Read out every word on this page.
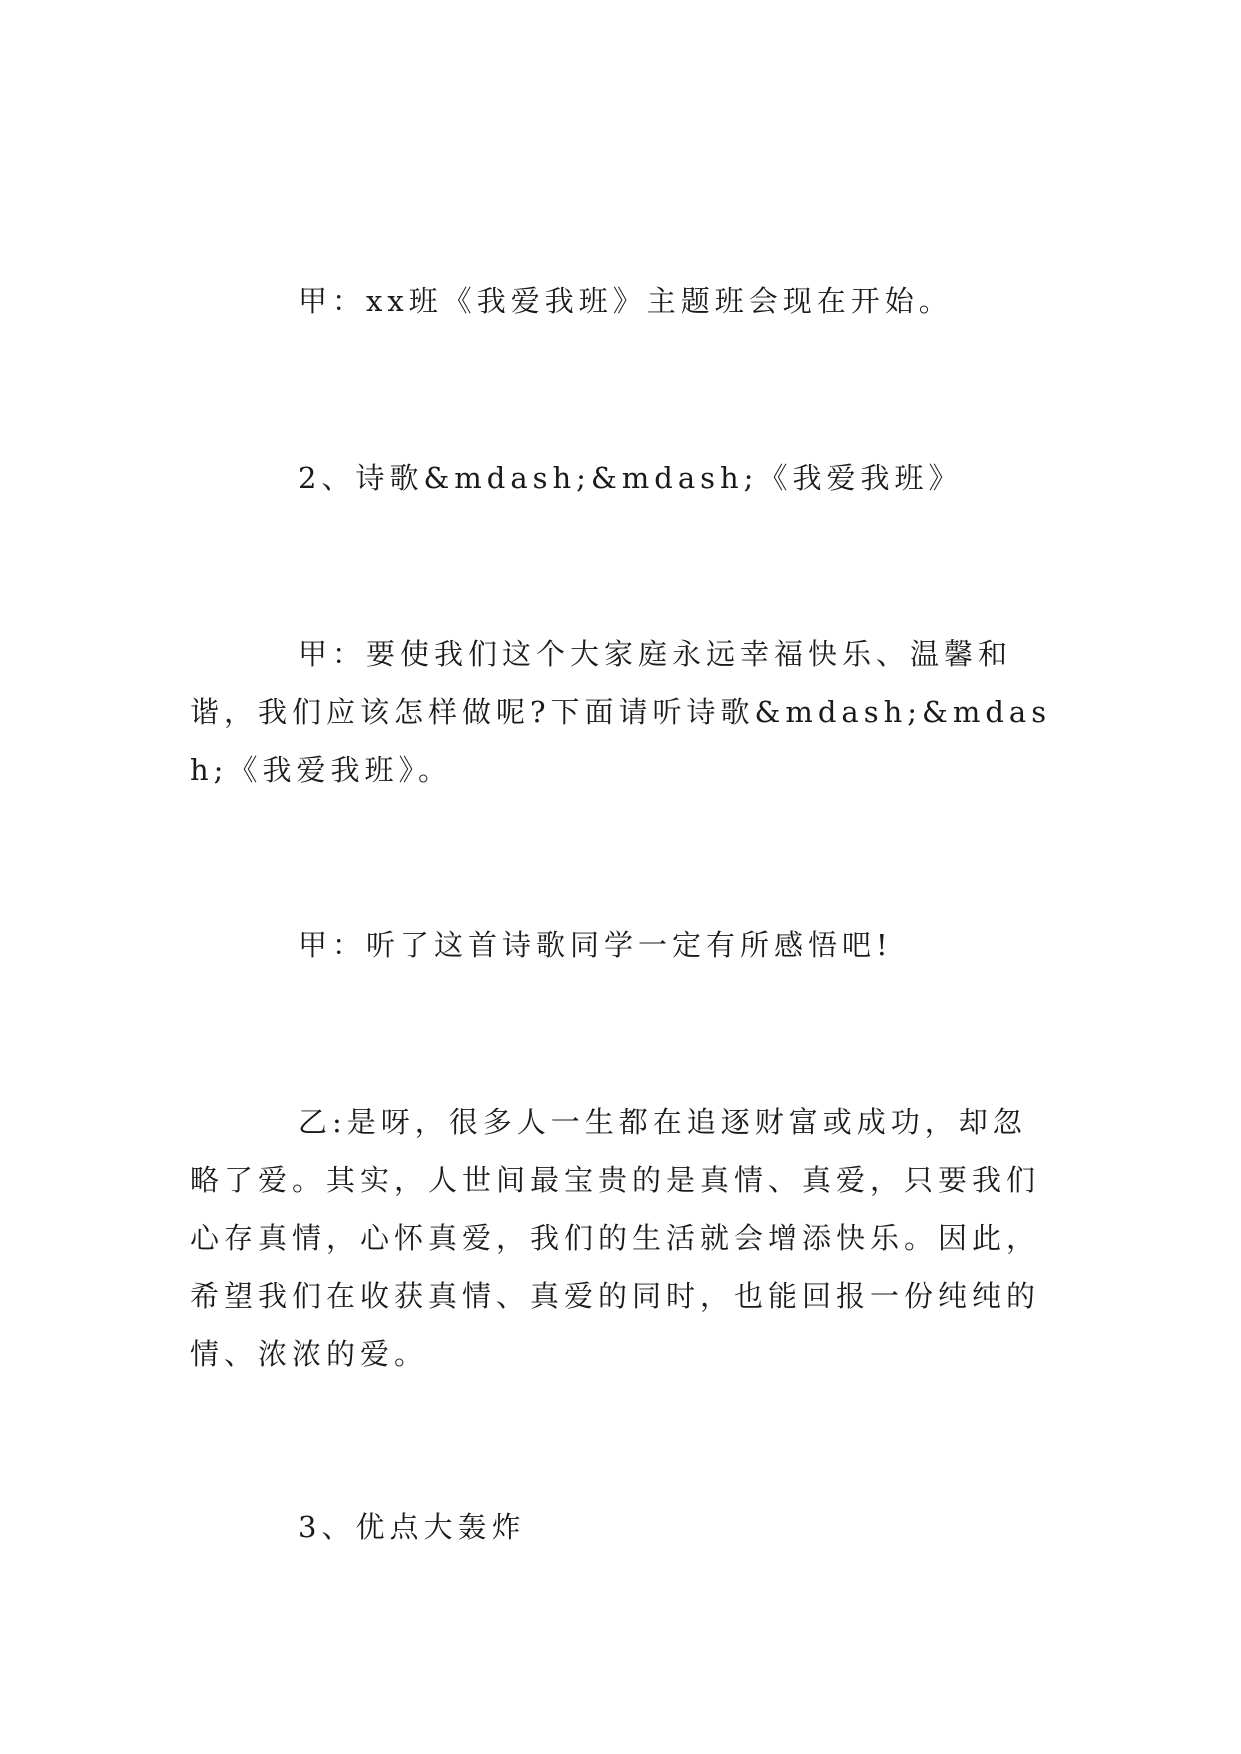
甲：xx班《我爱我班》主题班会现在开始。

2、诗歌&mdash;&mdash;《我爱我班》

甲：要使我们这个大家庭永远幸福快乐、温馨和谐，我们应该怎样做呢?下面请听诗歌&mdash;&mdash;《我爱我班》。

甲：听了这首诗歌同学一定有所感悟吧!

乙:是呀，很多人一生都在追逐财富或成功，却忽略了爱。其实，人世间最宝贵的是真情、真爱，只要我们心存真情，心怀真爱，我们的生活就会增添快乐。因此，希望我们在收获真情、真爱的同时，也能回报一份纯纯的情、浓浓的爱。

3、优点大轰炸
